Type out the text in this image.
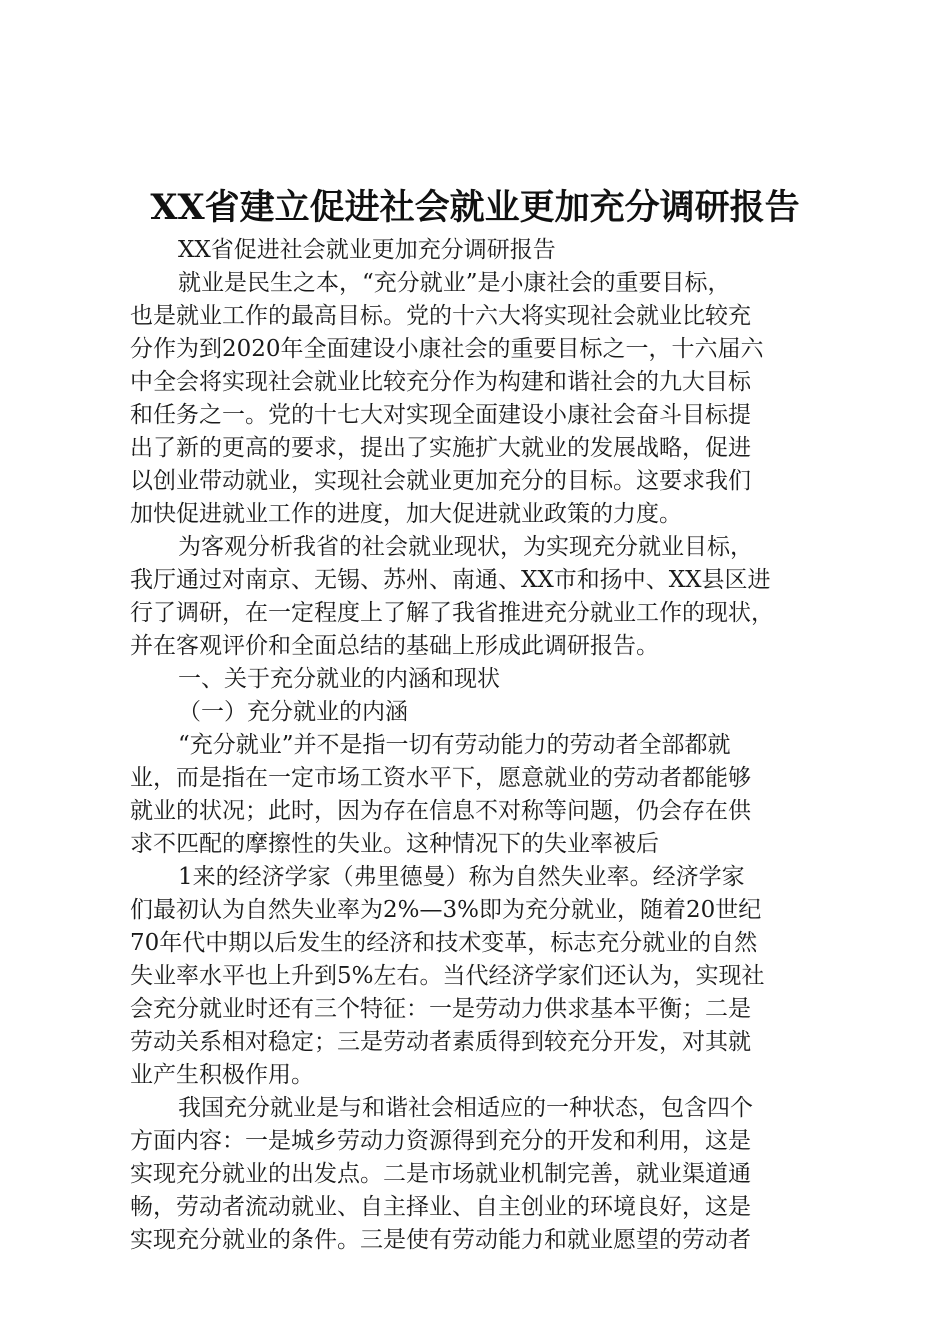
XX省建立促进社会就业更加充分调研报告
XX省促进社会就业更加充分调研报告
就业是民生之本，“充分就业”是小康社会的重要目标，
也是就业工作的最高目标。党的十六大将实现社会就业比较充
分作为到2020年全面建设小康社会的重要目标之一，十六届六
中全会将实现社会就业比较充分作为构建和谐社会的九大目标
和任务之一。党的十七大对实现全面建设小康社会奋斗目标提
出了新的更高的要求，提出了实施扩大就业的发展战略，促进
以创业带动就业，实现社会就业更加充分的目标。这要求我们
加快促进就业工作的进度，加大促进就业政策的力度。
为客观分析我省的社会就业现状，为实现充分就业目标，
我厅通过对南京、无锡、苏州、南通、XX市和扬中、XX县区进
行了调研，在一定程度上了解了我省推进充分就业工作的现状，
并在客观评价和全面总结的基础上形成此调研报告。
一、关于充分就业的内涵和现状
（一）充分就业的内涵
“充分就业”并不是指一切有劳动能力的劳动者全部都就
业，而是指在一定市场工资水平下，愿意就业的劳动者都能够
就业的状况；此时，因为存在信息不对称等问题，仍会存在供
求不匹配的摩擦性的失业。这种情况下的失业率被后
1来的经济学家（弗里德曼）称为自然失业率。经济学家
们最初认为自然失业率为2%—3%即为充分就业，随着20世纪
70年代中期以后发生的经济和技术变革，标志充分就业的自然
失业率水平也上升到5%左右。当代经济学家们还认为，实现社
会充分就业时还有三个特征：一是劳动力供求基本平衡；二是
劳动关系相对稳定；三是劳动者素质得到较充分开发，对其就
业产生积极作用。
我国充分就业是与和谐社会相适应的一种状态，包含四个
方面内容：一是城乡劳动力资源得到充分的开发和利用，这是
实现充分就业的出发点。二是市场就业机制完善，就业渠道通
畅，劳动者流动就业、自主择业、自主创业的环境良好，这是
实现充分就业的条件。三是使有劳动能力和就业愿望的劳动者
